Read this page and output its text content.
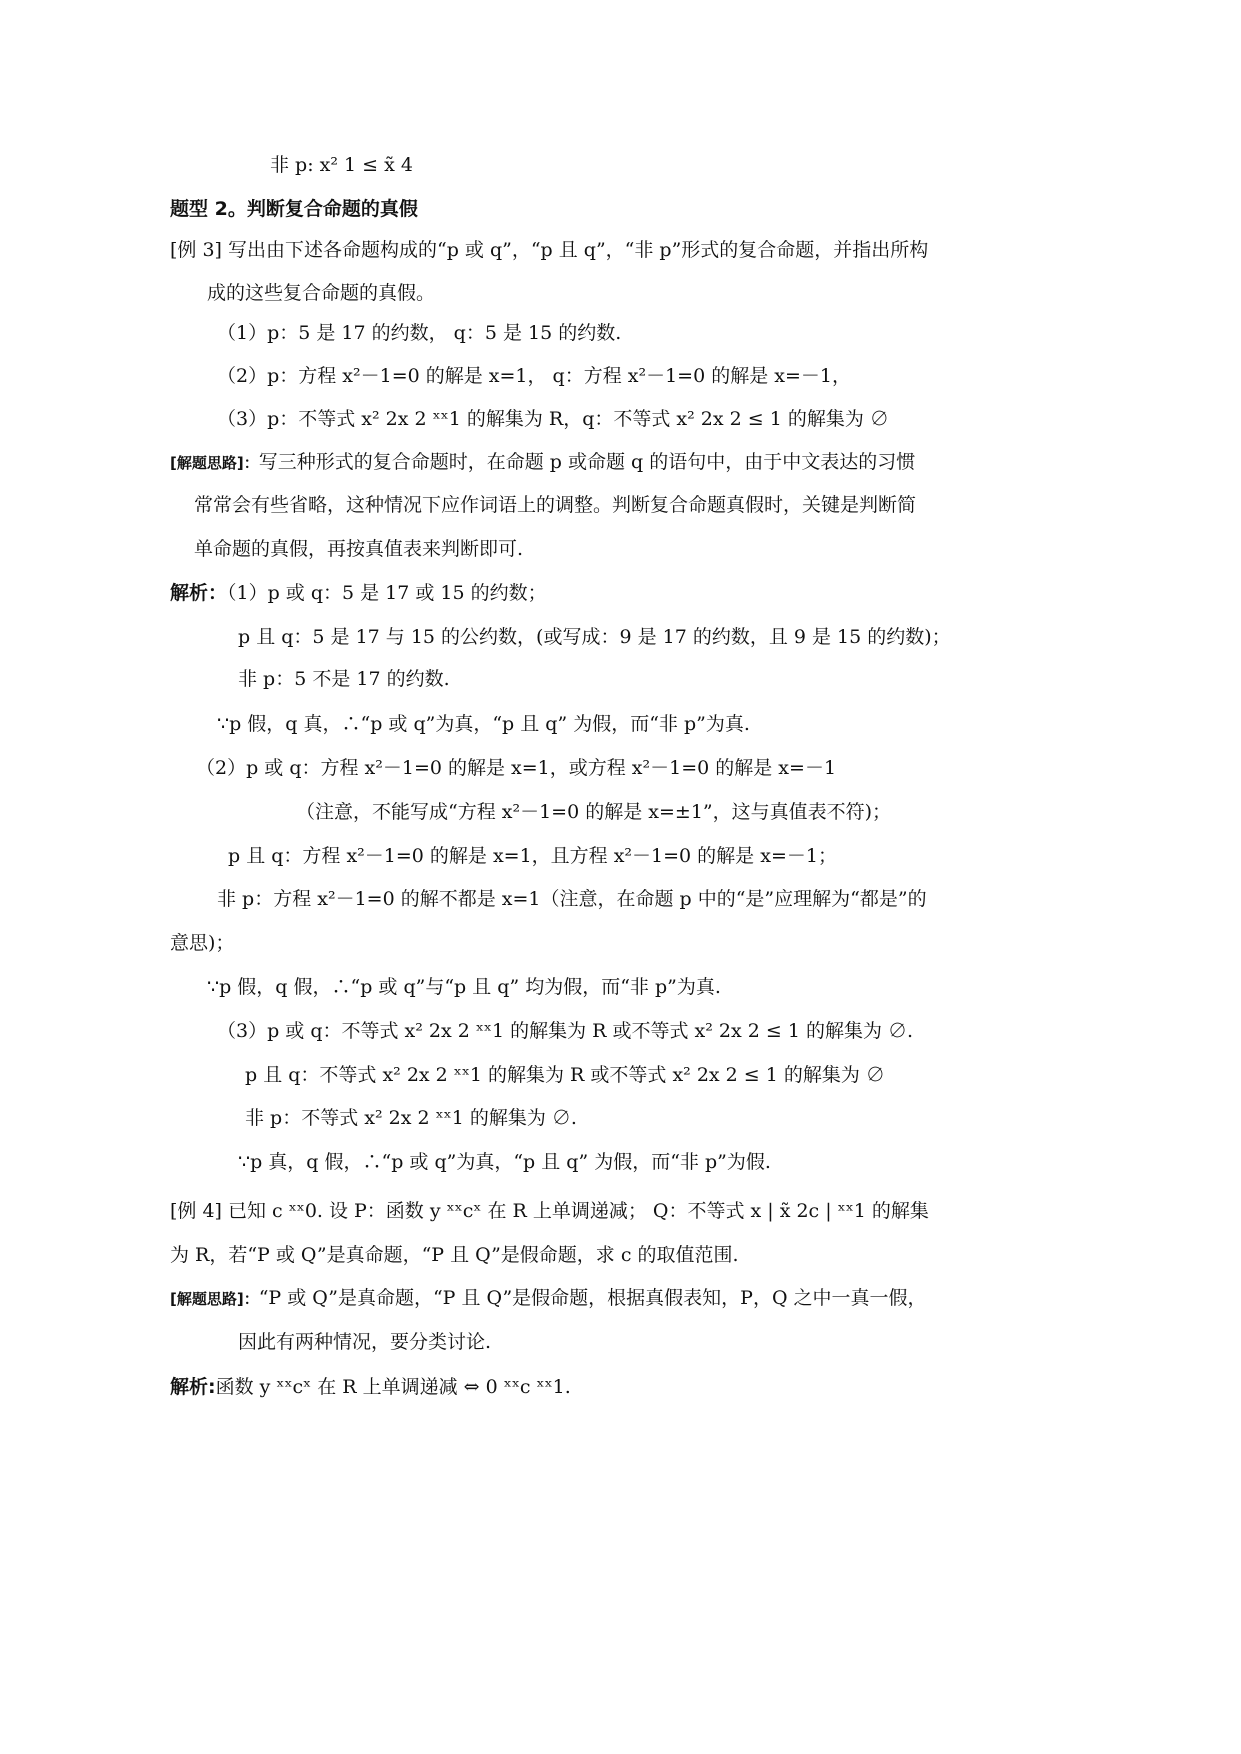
非 p: x² 1 ≤ x̃ 4
题型 2。判断复合命题的真假
[例 3] 写出由下述各命题构成的“p 或 q”，“p 且 q”，“非 p”形式的复合命题，并指出所构
成的这些复合命题的真假。
（1）p：5 是 17 的约数， q：5 是 15 的约数.
（2）p：方程 x²－1=0 的解是 x=1， q：方程 x²－1=0 的解是 x=－1，
（3）p：不等式 x² 2x 2 ˣˣ1 的解集为 R，q：不等式 x² 2x 2 ≤ 1 的解集为 ∅
[解题思路]：写三种形式的复合命题时，在命题 p 或命题 q 的语句中，由于中文表达的习惯
常常会有些省略，这种情况下应作词语上的调整。判断复合命题真假时，关键是判断简
单命题的真假，再按真值表来判断即可.
解析：（1）p 或 q：5 是 17 或 15 的约数；
p 且 q：5 是 17 与 15 的公约数，(或写成：9 是 17 的约数，且 9 是 15 的约数)；
非 p：5 不是 17 的约数.
∵p 假，q 真，∴“p 或 q”为真，“p 且 q” 为假，而“非 p”为真.
（2）p 或 q：方程 x²－1=0 的解是 x=1，或方程 x²－1=0 的解是 x=－1
（注意，不能写成“方程 x²－1=0 的解是 x=±1”，这与真值表不符)；
p 且 q：方程 x²－1=0 的解是 x=1，且方程 x²－1=0 的解是 x=－1；
非 p：方程 x²－1=0 的解不都是 x=1（注意，在命题 p 中的“是”应理解为“都是”的
意思)；
∵p 假，q 假，∴“p 或 q”与“p 且 q” 均为假，而“非 p”为真.
（3）p 或 q：不等式 x² 2x 2 ˣˣ1 的解集为 R 或不等式 x² 2x 2 ≤ 1 的解集为 ∅.
p 且 q：不等式 x² 2x 2 ˣˣ1 的解集为 R 或不等式 x² 2x 2 ≤ 1 的解集为 ∅
非 p：不等式 x² 2x 2 ˣˣ1 的解集为 ∅.
∵p 真，q 假，∴“p 或 q”为真，“p 且 q” 为假，而“非 p”为假.
[例 4] 已知 c ˣˣ0. 设 P：函数 y ˣˣcˣ 在 R 上单调递减； Q：不等式 x | x̃ 2c | ˣˣ1 的解集
为 R，若“P 或 Q”是真命题，“P 且 Q”是假命题，求 c 的取值范围.
[解题思路]：“P 或 Q”是真命题，“P 且 Q”是假命题，根据真假表知，P，Q 之中一真一假，
因此有两种情况，要分类讨论.
解析:函数 y ˣˣcˣ 在 R 上单调递减 ⇔ 0 ˣˣc ˣˣ1.
